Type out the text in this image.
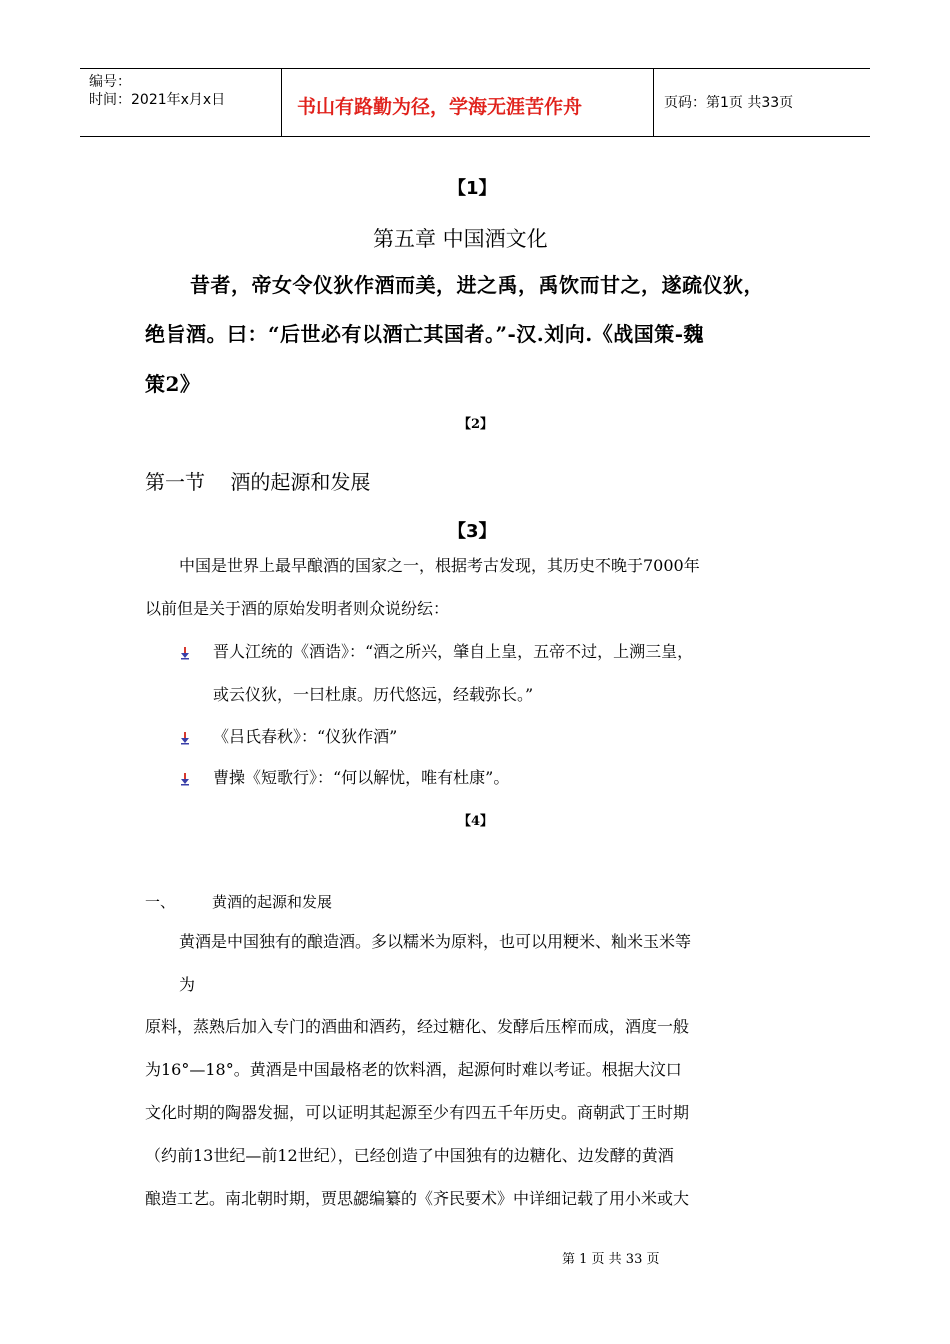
编号：
时间：2021年x月x日	书山有路勤为径，学海无涯苦作舟	页码：第1页 共33页
【1】
第五章 中国酒文化
昔者，帝女令仪狄作酒而美，进之禹，禹饮而甘之，遂疏仪狄，
绝旨酒。曰：“后世必有以酒亡其国者。”-汉.刘向.《战国策-魏
策2》
【2】
第一节    酒的起源和发展
【3】
中国是世界上最早酿酒的国家之一，根据考古发现，其历史不晚于7000年
以前但是关于酒的原始发明者则众说纷纭：
晋人江统的《酒诰》：“酒之所兴，肇自上皇，五帝不过，上溯三皇，
或云仪狄，一曰杜康。历代悠远，经载弥长。”
《吕氏春秋》：“仪狄作酒”
曹操《短歌行》：“何以解忧，唯有杜康”。
【4】
一、 黄酒的起源和发展
黄酒是中国独有的酿造酒。多以糯米为原料，也可以用粳米、籼米玉米等
为
原料，蒸熟后加入专门的酒曲和酒药，经过糖化、发酵后压榨而成，酒度一般
为16°—18°。黄酒是中国最格老的饮料酒，起源何时难以考证。根据大汶口
文化时期的陶器发掘，可以证明其起源至少有四五千年历史。商朝武丁王时期
（约前13世纪—前12世纪），已经创造了中国独有的边糖化、边发酵的黄酒
酿造工艺。南北朝时期，贾思勰编纂的《齐民要术》中详细记载了用小米或大
第 1 页 共 33 页
